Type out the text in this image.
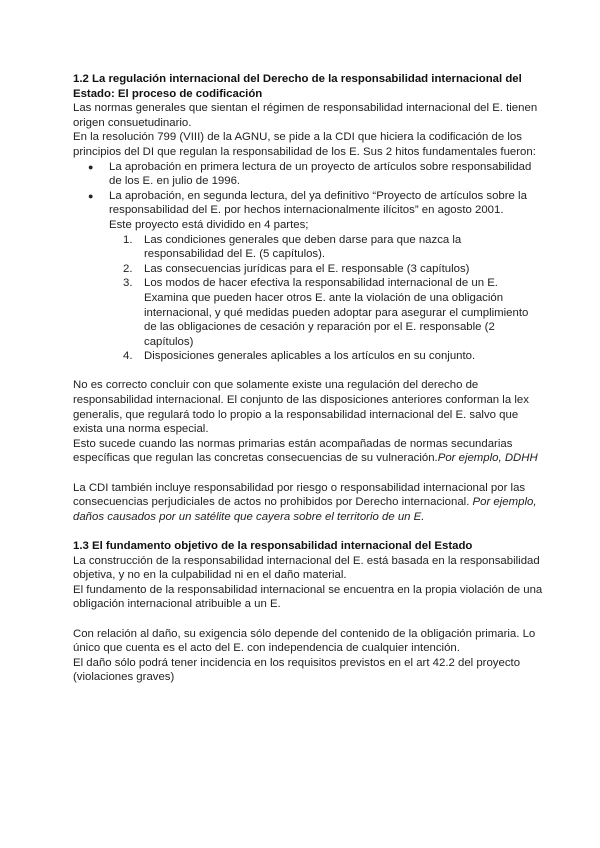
1.2 La regulación internacional del Derecho de la responsabilidad internacional del Estado: El proceso de codificación

Las normas generales que sientan el régimen de responsabilidad internacional del E. tienen origen consuetudinario.

En la resolución 799 (VIII) de la AGNU, se pide a la CDI que hiciera la codificación de los principios del DI que regulan la responsabilidad de los E. Sus 2 hitos fundamentales fueron:

● La aprobación en primera lectura de un proyecto de artículos sobre responsabilidad de los E. en julio de 1996.
● La aprobación, en segunda lectura, del ya definitivo “Proyecto de artículos sobre la responsabilidad del E. por hechos internacionalmente ilícitos” en agosto 2001.

Este proyecto está dividido en 4 partes;

1. Las condiciones generales que deben darse para que nazca la responsabilidad del E. (5 capítulos).
2. Las consecuencias jurídicas para el E. responsable (3 capítulos)
3. Los modos de hacer efectiva la responsabilidad internacional de un E. Examina que pueden hacer otros E. ante la violación de una obligación internacional, y qué medidas pueden adoptar para asegurar el cumplimiento de las obligaciones de cesación y reparación por el E. responsable (2 capítulos)
4. Disposiciones generales aplicables a los artículos en su conjunto.

No es correcto concluir con que solamente existe una regulación del derecho de responsabilidad internacional. El conjunto de las disposiciones anteriores conforman la lex generalis, que regulará todo lo propio a la responsabilidad internacional del E. salvo que exista una norma especial.

Esto sucede cuando las normas primarias están acompañadas de normas secundarias específicas que regulan las concretas consecuencias de su vulneración.Por ejemplo, DDHH

La CDI también incluye responsabilidad por riesgo o responsabilidad internacional por las consecuencias perjudiciales de actos no prohibidos por Derecho internacional. Por ejemplo, daños causados por un satélite que cayera sobre el territorio de un E.

1.3 El fundamento objetivo de la responsabilidad internacional del Estado

La construcción de la responsabilidad internacional del E. está basada en la responsabilidad objetiva, y no en la culpabilidad ni en el daño material.

El fundamento de la responsabilidad internacional se encuentra en la propia violación de una obligación internacional atribuible a un E.

Con relación al daño, su exigencia sólo depende del contenido de la obligación primaria. Lo único que cuenta es el acto del E. con independencia de cualquier intención.

El daño sólo podrá tener incidencia en los requisitos previstos en el art 42.2 del proyecto (violaciones graves)
